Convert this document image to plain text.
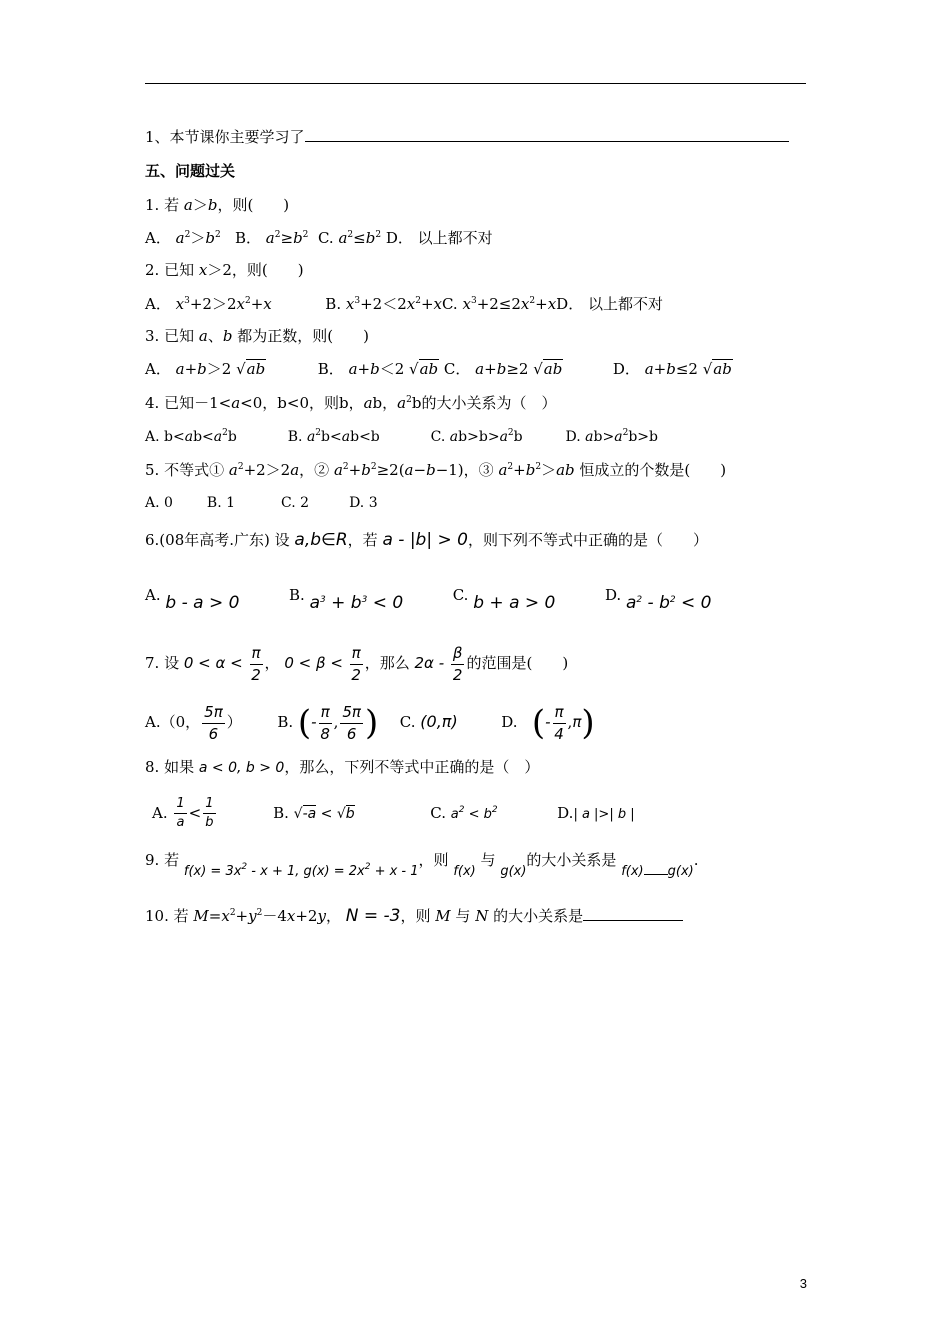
1、本节课你主要学习了
五、问题过关
1. 若 a＞b，则(　　)
A． $a^2>b^2$ B． $a^2\ge b^2$ C. $a^2\le b^2$ D． 以上都不对
2. 已知 x＞2，则(　　)
A． $x^3+2>2x^2+x$	B. $x^3+2<2x^2+xC$. $x^3+2\le 2x^2+xD$． 以上都不对
3. 已知 a、b 都为正数，则(　　)
A． a+b＞2 √ab	B． a+b＜2 √ab C． a+b≥2 √ab	D． a+b≤2 √ab
4. 已知－1<a<0，b<0，则b，ab，$a^2b$的大小关系为（　）
A. $b<ab<a^2b$	B. $a^2b<ab<b$	C. $ab>b>a^2b$	D. $ab>a^2b>b$
5. 不等式① $a^2+2>2a$，② $a^2+b^2\ge 2(a-b-1)$，③ $a^2+b^2>ab$ 恒成立的个数是(　　)
A. 0 B. 1	C. 2	D. 3
6.(08年高考.广东) 设 a,b∈R，若 a - |b| > 0，则下列不等式中正确的是（　　）
A. b - a > 0	B. $a^3 + b^3 < 0$	C. b + a > 0	D. $a^2 - b^2 < 0$
7. 设 $0 < \alpha < \frac{\pi}{2}$ ， $0 < \beta < \frac{\pi}{2}$ ，那么 $2\alpha - \frac{\beta}{2}$ 的范围是(　　)
A.（0， $\frac{5\pi}{6}$ ） B. (- $\frac{\pi}{8}$ , $\frac{5\pi}{6}$ ) C. (0,π)	D. (- $\frac{\pi}{4} ,\pi$)
8. 如果 a < 0, b > 0，那么，下列不等式中正确的是（　）
A. $\frac{1}{a} < \frac{1}{b}$	B. √-a < √b	C. $a^2 < b^2$	D.| a |>| b |
9. 若 $f(x) = 3x^2 - x + 1$, $g(x) = 2x^2 + x - 1$，则 f(x) 与 g(x)的大小关系是 f(x) g(x).
10. 若 $M=x^2+y^2-4x+2y$， N = -3，则 M 与 N 的大小关系是
3
